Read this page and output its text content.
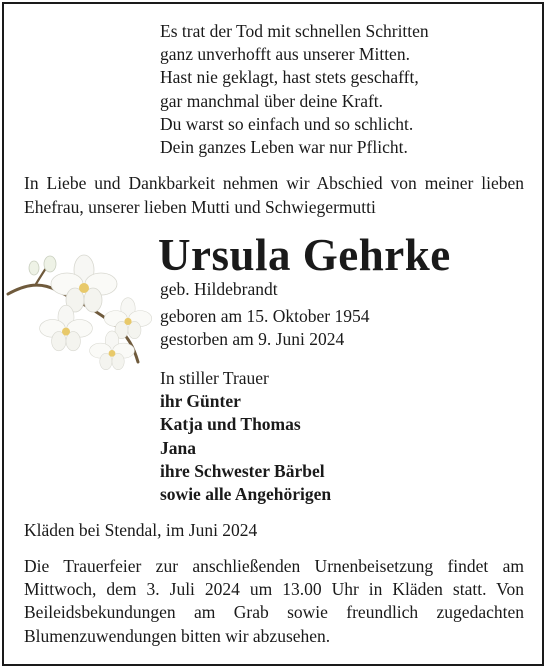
Es trat der Tod mit schnellen Schritten
ganz unverhofft aus unserer Mitten.
Hast nie geklagt, hast stets geschafft,
gar manchmal über deine Kraft.
Du warst so einfach und so schlicht.
Dein ganzes Leben war nur Pflicht.
In Liebe und Dankbarkeit nehmen wir Abschied von meiner lieben Ehefrau, unserer lieben Mutti und Schwiegermutti
Ursula Gehrke
geb. Hildebrandt
geboren am 15. Oktober 1954
gestorben am 9. Juni 2024
In stiller Trauer
ihr Günter
Katja und Thomas
Jana
ihre Schwester Bärbel
sowie alle Angehörigen
Kläden bei Stendal, im Juni 2024
Die Trauerfeier zur anschließenden Urnenbeisetzung findet am Mittwoch, dem 3. Juli 2024 um 13.00 Uhr in Kläden statt. Von Beileidsbekundungen am Grab sowie freundlich zugedachten Blumenzuwendungen bitten wir abzusehen.
